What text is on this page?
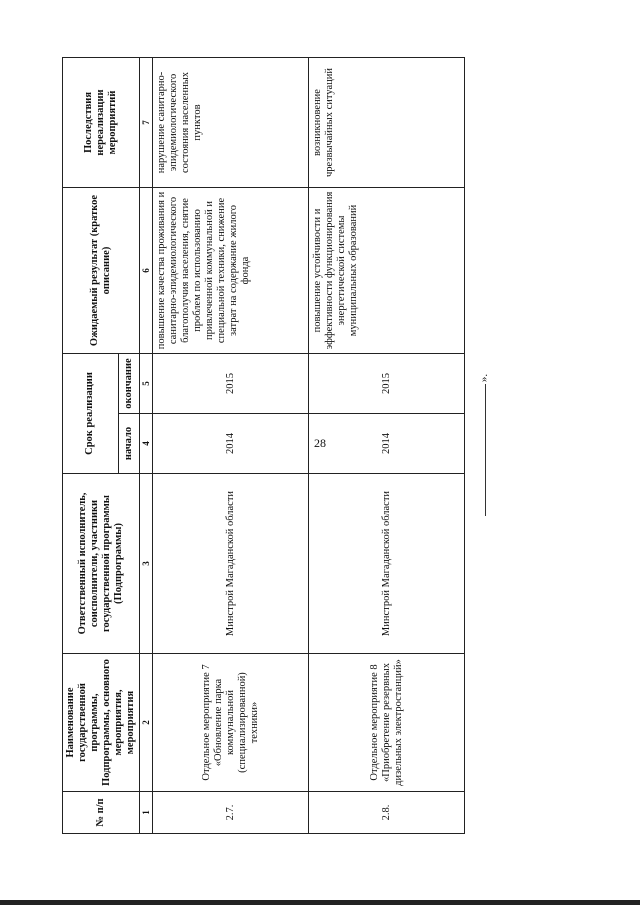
28
№ п/п	Наименование государственной программы, Подпрограммы, основного мероприятия, мероприятия	Ответственный исполнитель, соисполнители, участники государственной программы (Подпрограммы)	Срок реализации		Ожидаемый результат (краткое описание)	Последствия нереализации мероприятий
			начало	окончание		
1	2	3	4	5	6	7
2.7.	Отдельное мероприятие 7 «Обновление парка коммунальной (специализированной) техники»	Минстрой Магаданской области	2014	2015	повышение качества проживания и санитарно-эпидемиологического благополучия населения, снятие проблем по использованию привлеченной коммунальной и специальной техники, снижение затрат на содержание жилого фонда	нарушение санитарно-эпидемиологического состояния населенных пунктов
2.8.	Отдельное мероприятие 8 «Приобретение резервных дизельных электростанций»	Минстрой Магаданской области	2014	2015	повышение устойчивости и эффективности функционирования энергетической системы муниципальных образований	возникновение чрезвычайных ситуаций
».
